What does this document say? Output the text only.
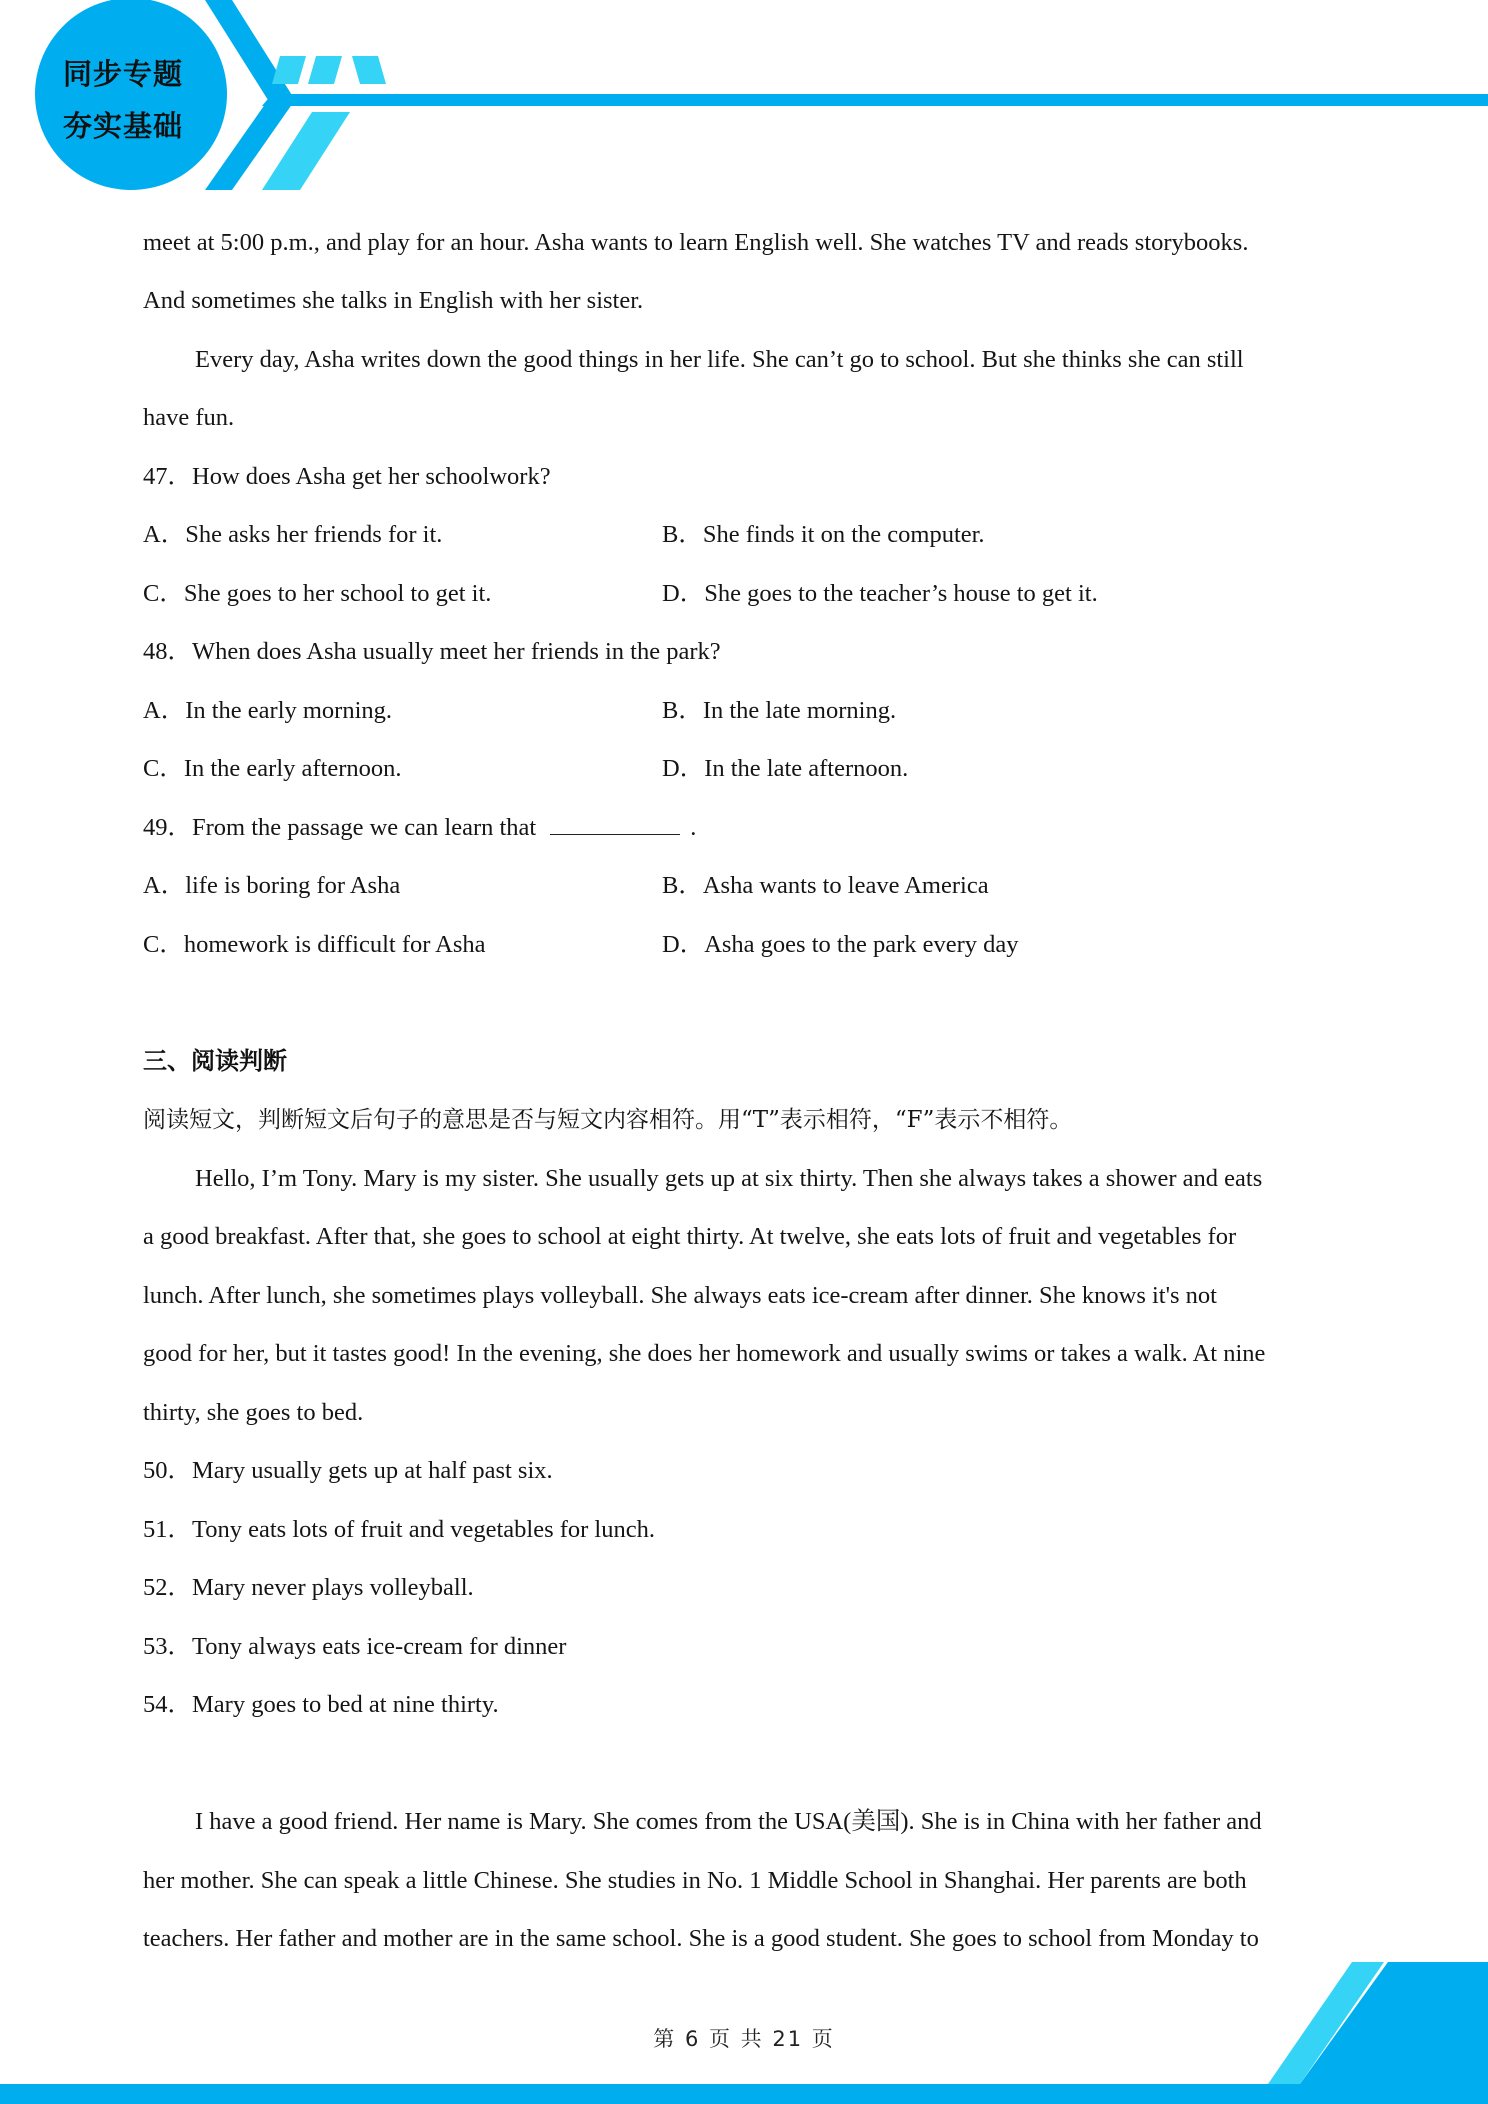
同步专题
夯实基础
meet at 5:00 p.m., and play for an hour. Asha wants to learn English well. She watches TV and reads storybooks.
And sometimes she talks in English with her sister.
Every day, Asha writes down the good things in her life. She can’t go to school. But she thinks she can still
have fun.
47．How does Asha get her schoolwork?
A．She asks her friends for it.	B．She finds it on the computer.
C．She goes to her school to get it.	D．She goes to the teacher’s house to get it.
48．When does Asha usually meet her friends in the park?
A．In the early morning.	B．In the late morning.
C．In the early afternoon.	D．In the late afternoon.
49．From the passage we can learn that	.
A．life is boring for Asha	B．Asha wants to leave America
C．homework is difficult for Asha	D．Asha goes to the park every day
三、阅读判断
阅读短文，判断短文后句子的意思是否与短文内容相符。用“T”表示相符，“F”表示不相符。
Hello, I’m Tony. Mary is my sister. She usually gets up at six thirty. Then she always takes a shower and eats
a good breakfast. After that, she goes to school at eight thirty. At twelve, she eats lots of fruit and vegetables for
lunch. After lunch, she sometimes plays volleyball. She always eats ice-cream after dinner. She knows it's not
good for her, but it tastes good! In the evening, she does her homework and usually swims or takes a walk. At nine
thirty, she goes to bed.
50．Mary usually gets up at half past six.
51．Tony eats lots of fruit and vegetables for lunch.
52．Mary never plays volleyball.
53．Tony always eats ice-cream for dinner
54．Mary goes to bed at nine thirty.
I have a good friend. Her name is Mary. She comes from the USA(美国). She is in China with her father and
her mother. She can speak a little Chinese. She studies in No. 1 Middle School in Shanghai. Her parents are both
teachers. Her father and mother are in the same school. She is a good student. She goes to school from Monday to
第 6 页 共 21 页
